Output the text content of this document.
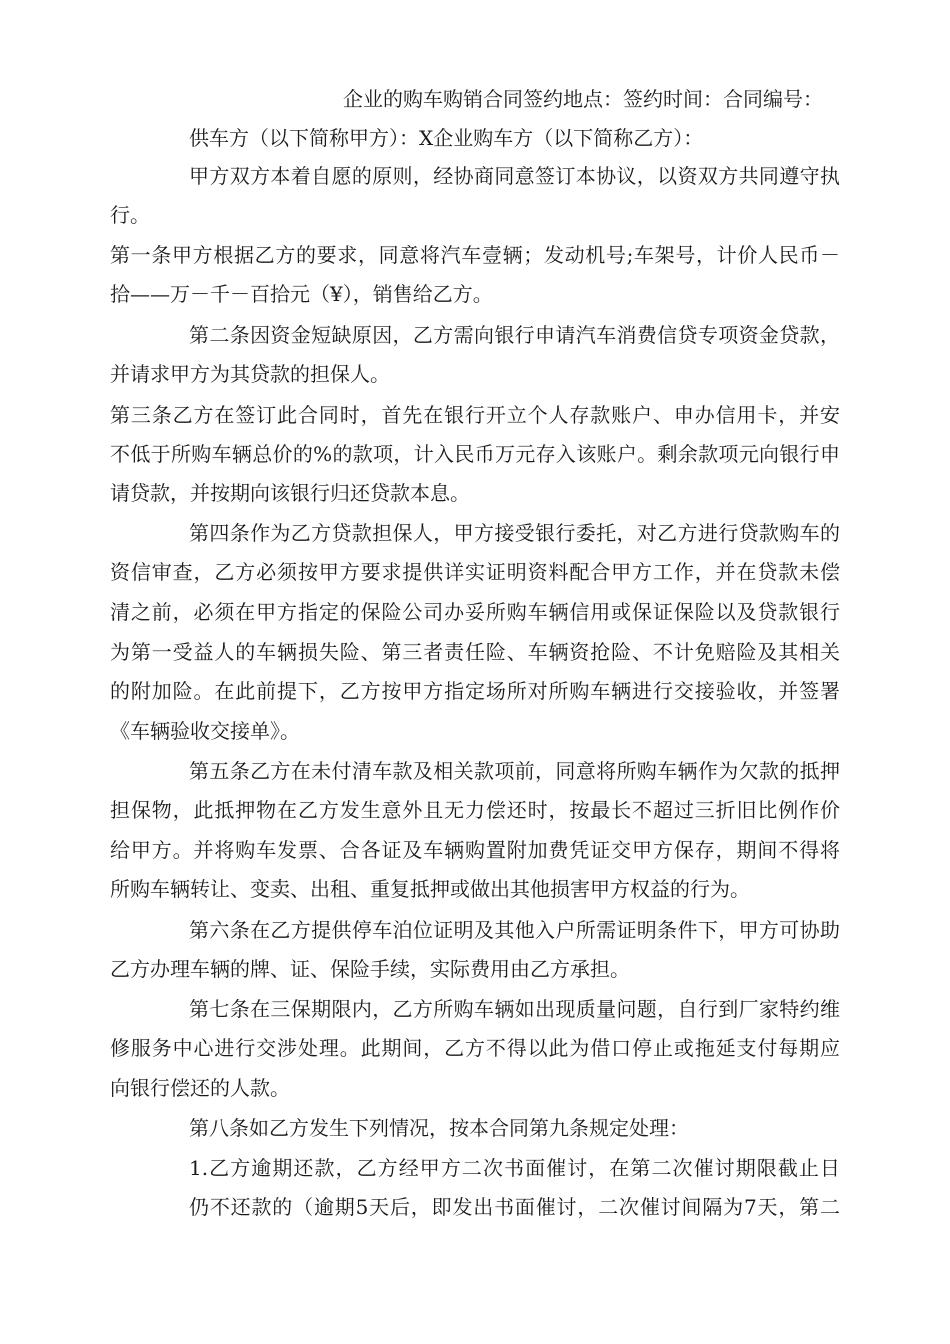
企业的购车购销合同签约地点：签约时间：合同编号：
供车方（以下简称甲方）：X企业购车方（以下简称乙方）：
甲方双方本着自愿的原则，经协商同意签订本协议，以资双方共同遵守执
行。
第一条甲方根据乙方的要求，同意将汽车壹辆；发动机号;车架号，计价人民币－
拾——万－千－百拾元（¥），销售给乙方。
第二条因资金短缺原因，乙方需向银行申请汽车消费信贷专项资金贷款，
并请求甲方为其贷款的担保人。
第三条乙方在签订此合同时，首先在银行开立个人存款账户、申办信用卡，并安
不低于所购车辆总价的%的款项，计入民币万元存入该账户。剩余款项元向银行申
请贷款，并按期向该银行归还贷款本息。
第四条作为乙方贷款担保人，甲方接受银行委托，对乙方进行贷款购车的
资信审查，乙方必须按甲方要求提供详实证明资料配合甲方工作，并在贷款未偿
清之前，必须在甲方指定的保险公司办妥所购车辆信用或保证保险以及贷款银行
为第一受益人的车辆损失险、第三者责任险、车辆资抢险、不计免赔险及其相关
的附加险。在此前提下，乙方按甲方指定场所对所购车辆进行交接验收，并签署
《车辆验收交接单》。
第五条乙方在未付清车款及相关款项前，同意将所购车辆作为欠款的抵押
担保物，此抵押物在乙方发生意外且无力偿还时，按最长不超过三折旧比例作价
给甲方。并将购车发票、合各证及车辆购置附加费凭证交甲方保存，期间不得将
所购车辆转让、变卖、出租、重复抵押或做出其他损害甲方权益的行为。
第六条在乙方提供停车泊位证明及其他入户所需证明条件下，甲方可协助
乙方办理车辆的牌、证、保险手续，实际费用由乙方承担。
第七条在三保期限内，乙方所购车辆如出现质量问题，自行到厂家特约维
修服务中心进行交涉处理。此期间，乙方不得以此为借口停止或拖延支付每期应
向银行偿还的人款。
第八条如乙方发生下列情况，按本合同第九条规定处理：
1.乙方逾期还款，乙方经甲方二次书面催讨，在第二次催讨期限截止日
仍不还款的（逾期5天后，即发出书面催讨，二次催讨间隔为7天，第二
